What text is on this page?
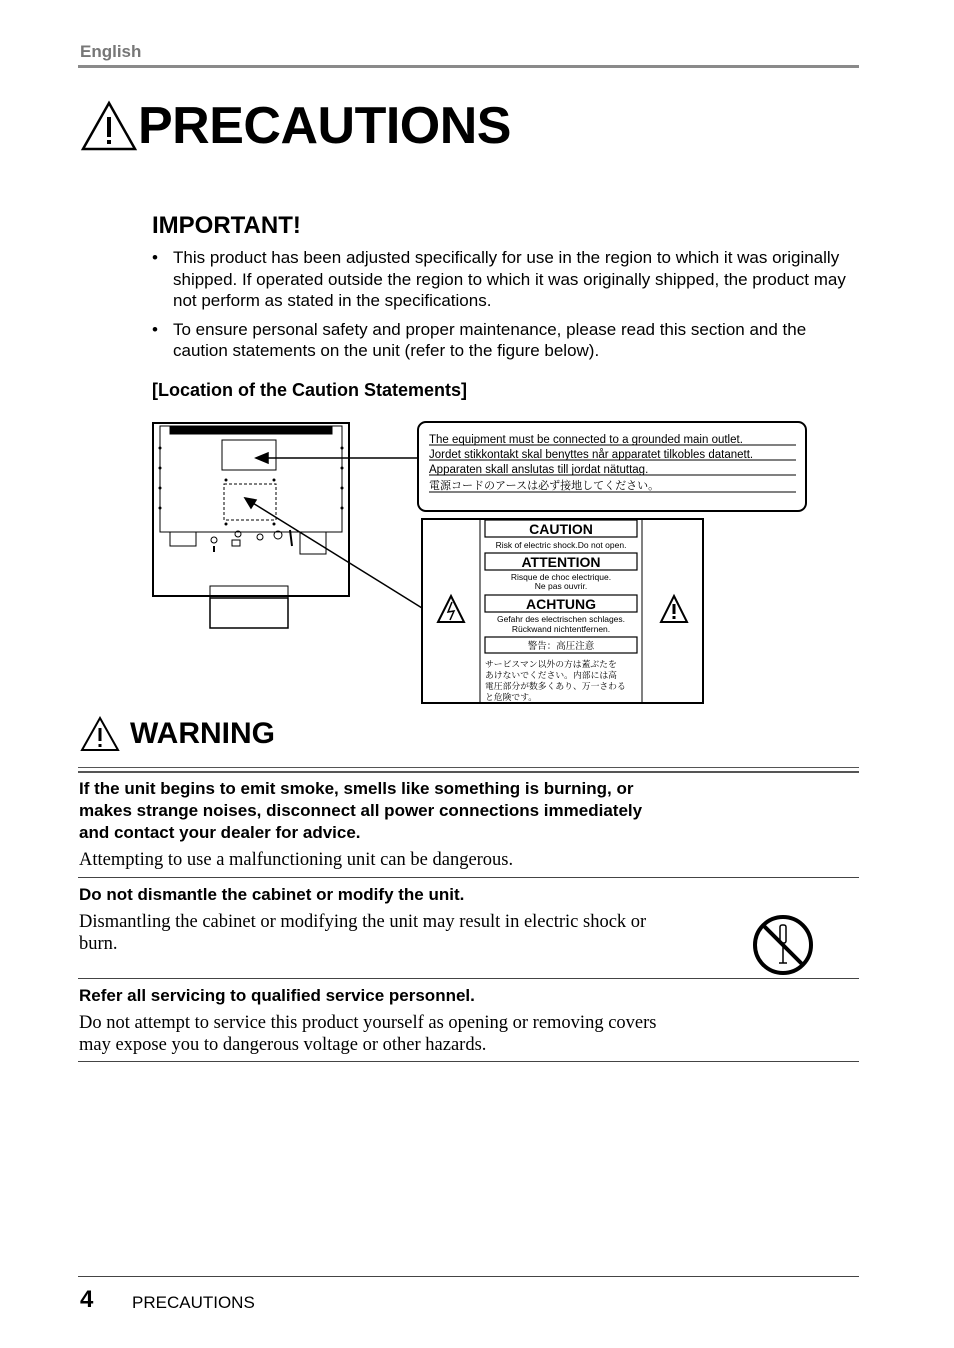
English
PRECAUTIONS
IMPORTANT!
• This product has been adjusted specifically for use in the region to which it was originally shipped. If operated outside the region to which it was originally shipped, the product may not perform as stated in the specifications.
• To ensure personal safety and proper maintenance, please read this section and the caution statements on the unit (refer to the figure below).
[Location of the Caution Statements]
The equipment must be connected to a grounded main outlet.
Jordet stikkontakt skal benyttes når apparatet tilkobles datanett.
Apparaten skall anslutas till jordat nätuttag.
電源コードのアースは必ず接地してください。
CAUTION
Risk of electric shock.Do not open.
ATTENTION
Risque de choc electrique.
Ne pas ouvrir.
ACHTUNG
Gefahr des electrischen schlages.
Rückwand nichtentfernen.
警告：高圧注意
サービスマン以外の方は蓋ぶたを
あけないでください。内部には高
電圧部分が数多くあり、万一さわる
と危険です。
WARNING
If the unit begins to emit smoke, smells like something is burning, or
makes strange noises, disconnect all power connections immediately
and contact your dealer for advice.
Attempting to use a malfunctioning unit can be dangerous.
Do not dismantle the cabinet or modify the unit.
Dismantling the cabinet or modifying the unit may result in electric shock or
burn.
Refer all servicing to qualified service personnel.
Do not attempt to service this product yourself as opening or removing covers
may expose you to dangerous voltage or other hazards.
4 PRECAUTIONS
